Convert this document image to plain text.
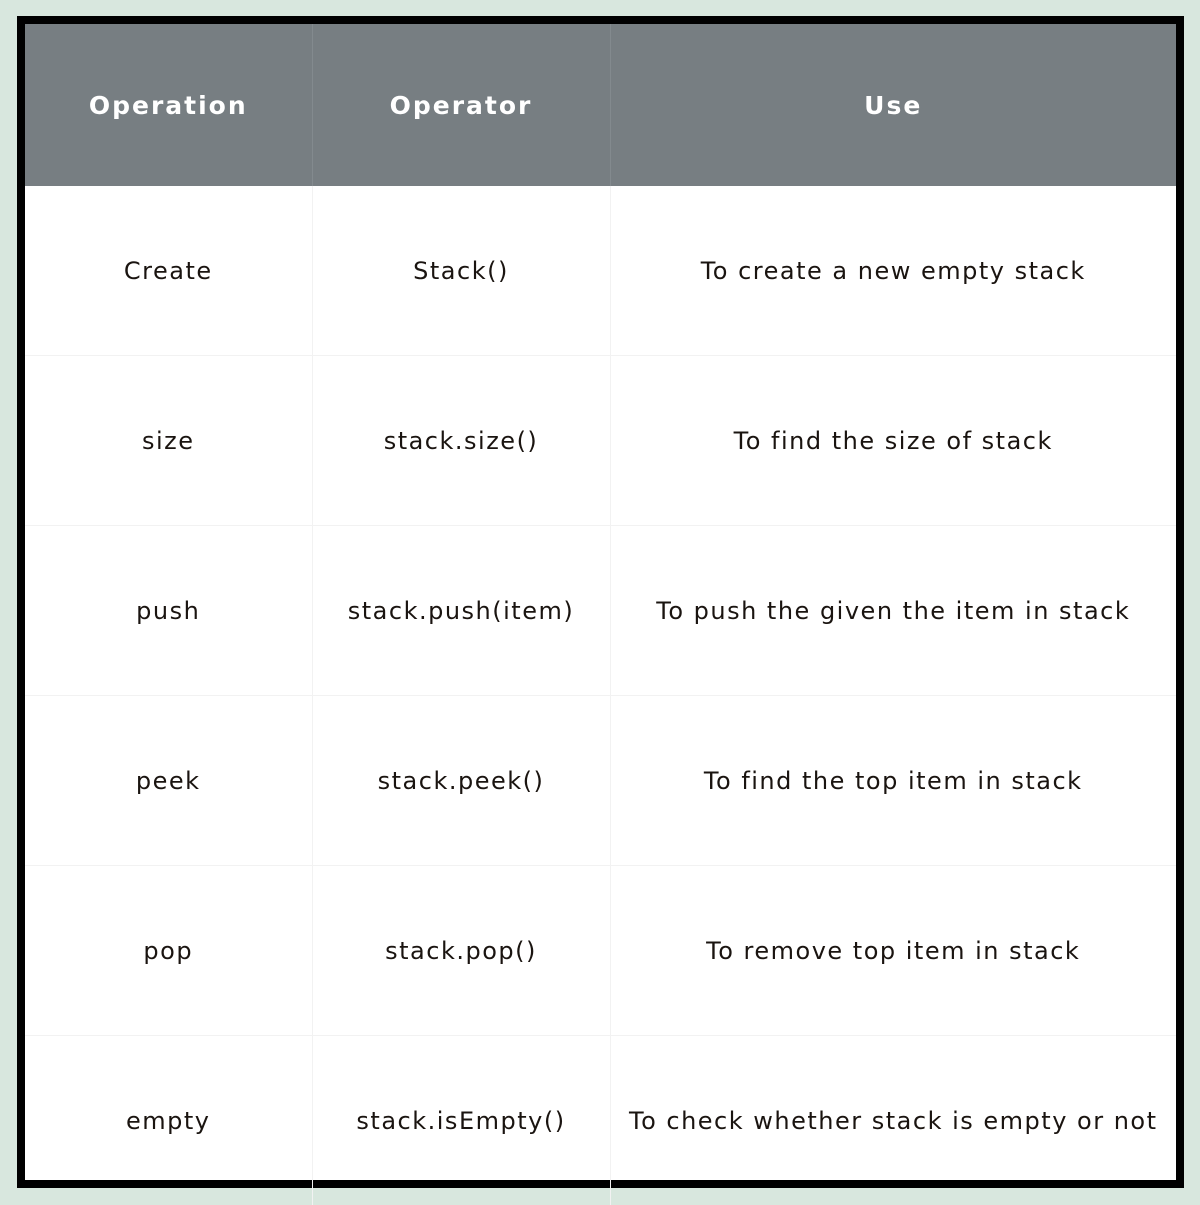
Operation	Operator	Use
Create	Stack()	To create a new empty stack
size	stack.size()	To find the size of stack
push	stack.push(item)	To push the given the item in stack
peek	stack.peek()	To find the top item in stack
pop	stack.pop()	To remove top item in stack
empty	stack.isEmpty()	To check whether stack is empty or not
